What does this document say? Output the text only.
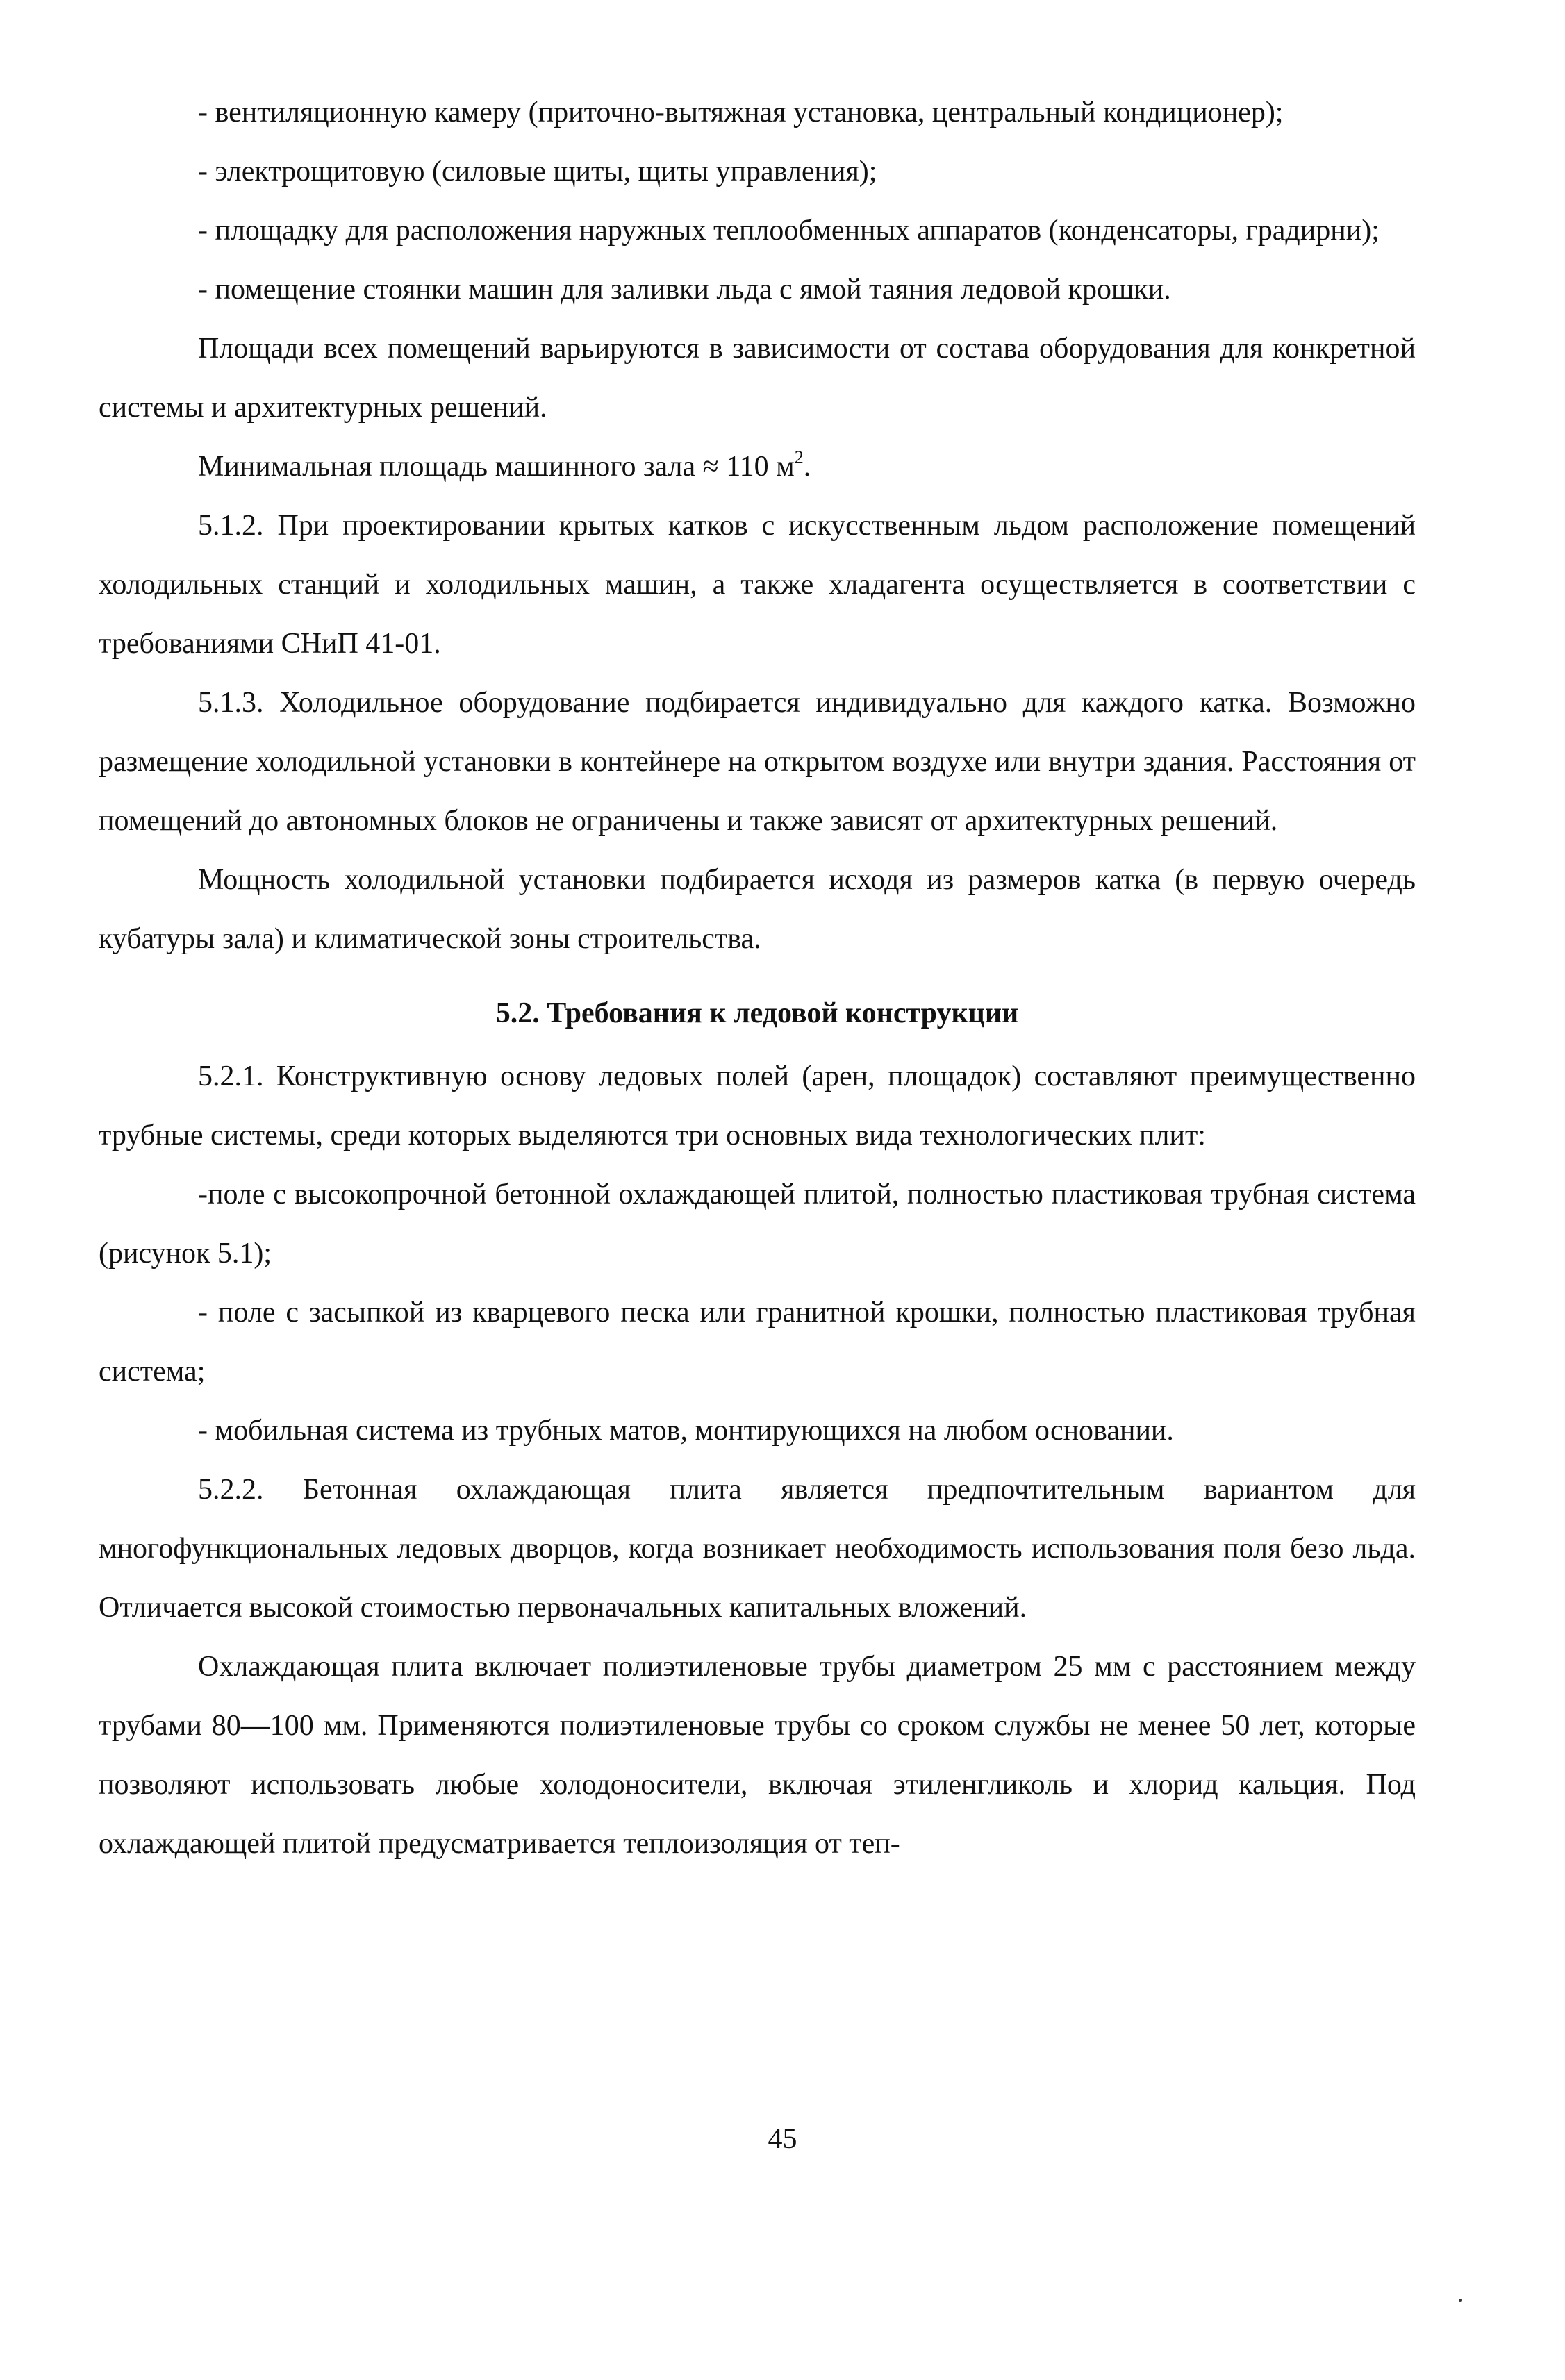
- вентиляционную камеру (приточно-вытяжная установка, центральный кондиционер);

- электрощитовую (силовые щиты, щиты управления);

- площадку для расположения наружных теплообменных аппаратов (конденсаторы, градирни);

- помещение стоянки машин для заливки льда с ямой таяния ледовой крошки.

Площади всех помещений варьируются в зависимости от состава оборудования для конкретной системы и архитектурных решений.

Минимальная площадь машинного зала ≈ 110 $м^2$.

5.1.2. При проектировании крытых катков с искусственным льдом расположение помещений холодильных станций и холодильных машин, а также хладагента осуществляется в соответствии с требованиями СНиП 41-01.

5.1.3. Холодильное оборудование подбирается индивидуально для каждого катка. Возможно размещение холодильной установки в контейнере на открытом воздухе или внутри здания. Расстояния от помещений до автономных блоков не ограничены и также зависят от архитектурных решений.

Мощность холодильной установки подбирается исходя из размеров катка (в первую очередь кубатуры зала) и климатической зоны строительства.

5.2. Требования к ледовой конструкции

5.2.1. Конструктивную основу ледовых полей (арен, площадок) составляют преимущественно трубные системы, среди которых выделяются три основных вида технологических плит:

-поле с высокопрочной бетонной охлаждающей плитой, полностью пластиковая трубная система (рисунок 5.1);

- поле с засыпкой из кварцевого песка или гранитной крошки, полностью пластиковая трубная система;

- мобильная система из трубных матов, монтирующихся на любом основании.

5.2.2. Бетонная охлаждающая плита является предпочтительным вариантом для многофункциональных ледовых дворцов, когда возникает необходимость использования поля безо льда. Отличается высокой стоимостью первоначальных капитальных вложений.

Охлаждающая плита включает полиэтиленовые трубы диаметром 25 мм с расстоянием между трубами 80—100 мм. Применяются полиэтиленовые трубы со сроком службы не менее 50 лет, которые позволяют использовать любые холодоносители, включая этиленгликоль и хлорид кальция. Под охлаждающей плитой предусматривается теплоизоляция от теп-

45
